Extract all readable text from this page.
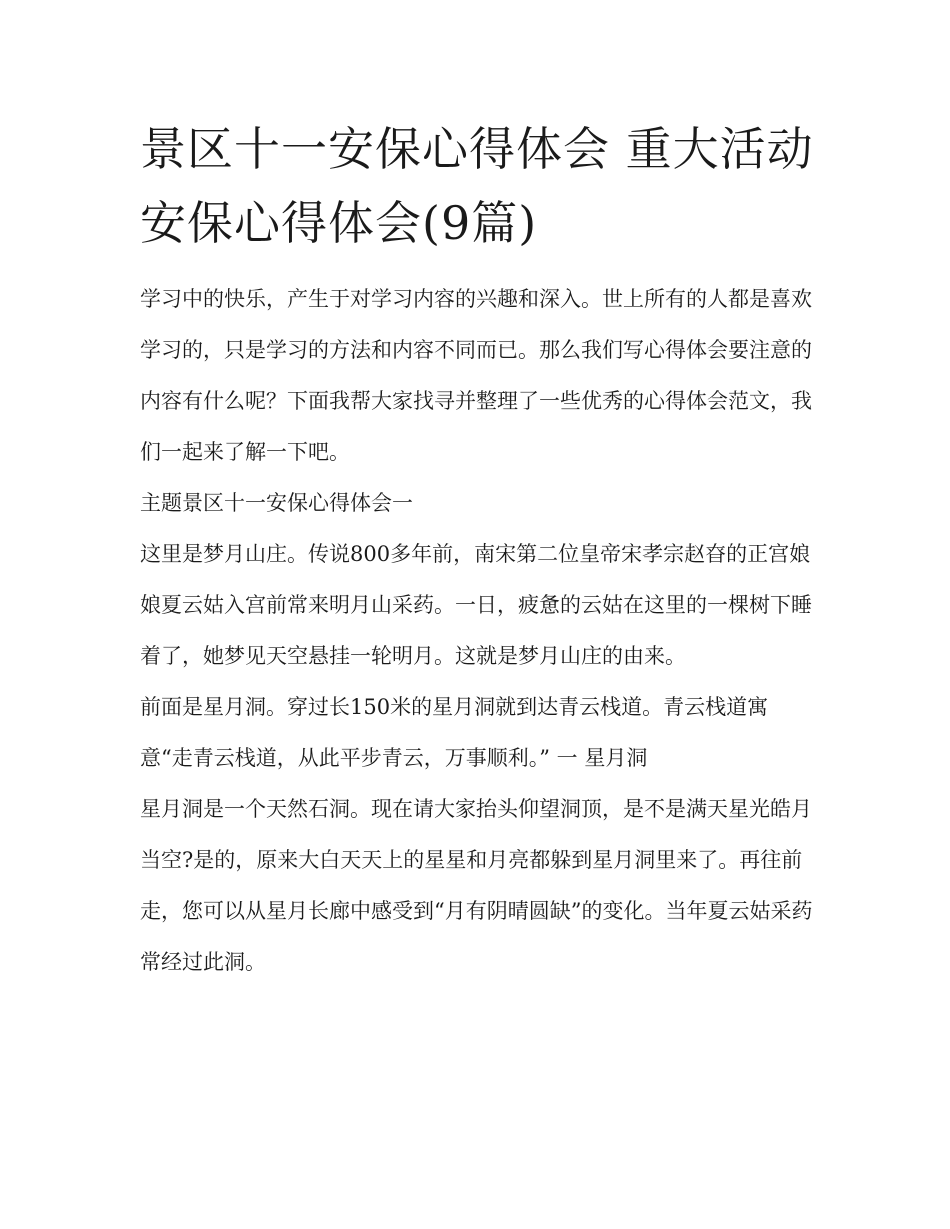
景区十一安保心得体会 重大活动安保心得体会(9篇)

学习中的快乐，产生于对学习内容的兴趣和深入。世上所有的人都是喜欢学习的，只是学习的方法和内容不同而已。那么我们写心得体会要注意的内容有什么呢？下面我帮大家找寻并整理了一些优秀的心得体会范文，我们一起来了解一下吧。

主题景区十一安保心得体会一

这里是梦月山庄。传说800多年前，南宋第二位皇帝宋孝宗赵昚的正宫娘娘夏云姑入宫前常来明月山采药。一日，疲惫的云姑在这里的一棵树下睡着了，她梦见天空悬挂一轮明月。这就是梦月山庄的由来。

前面是星月洞。穿过长150米的星月洞就到达青云栈道。青云栈道寓意“走青云栈道，从此平步青云，万事顺利。” 一 星月洞

星月洞是一个天然石洞。现在请大家抬头仰望洞顶，是不是满天星光皓月当空?是的，原来大白天天上的星星和月亮都躲到星月洞里来了。再往前走，您可以从星月长廊中感受到“月有阴晴圆缺”的变化。当年夏云姑采药常经过此洞。
